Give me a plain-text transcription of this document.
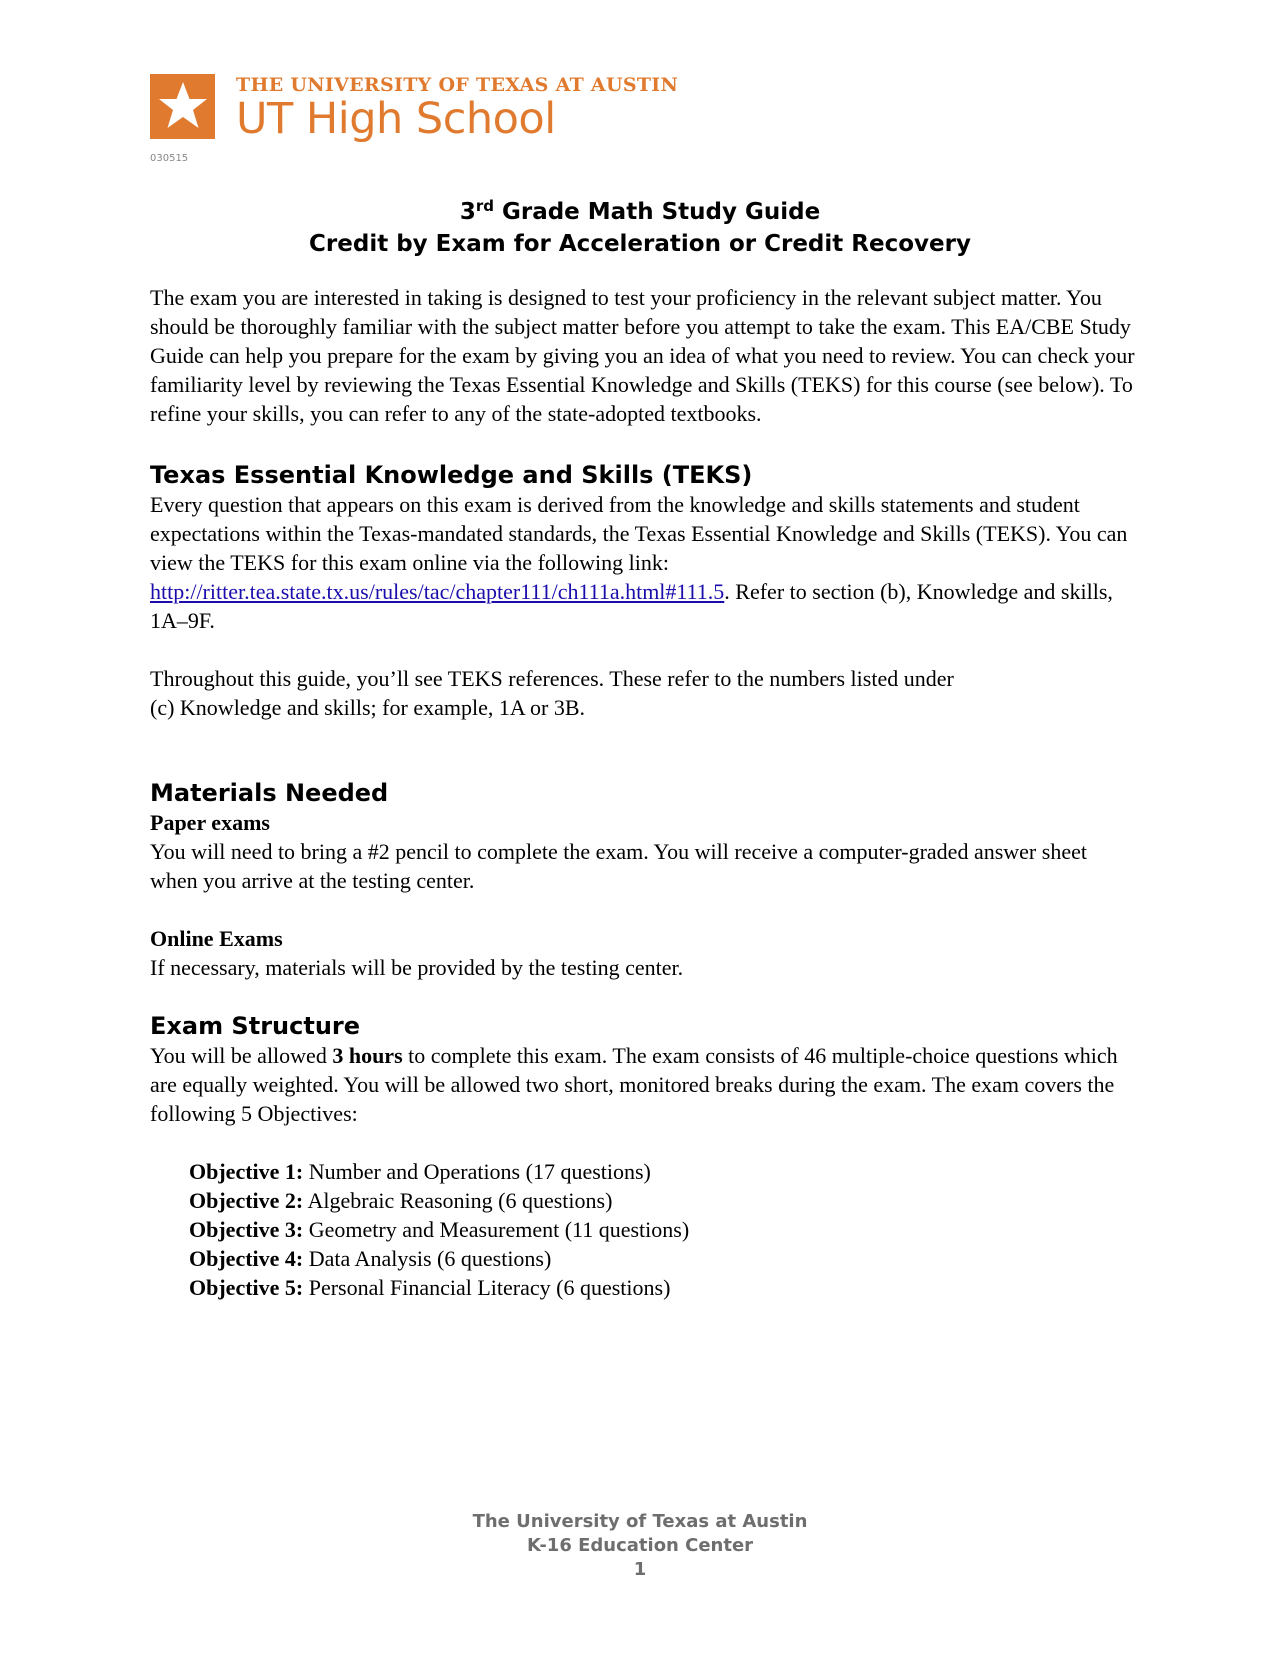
THE UNIVERSITY OF TEXAS AT AUSTIN
UT High School
030515
3rd Grade Math Study Guide
Credit by Exam for Acceleration or Credit Recovery

The exam you are interested in taking is designed to test your proficiency in the relevant subject matter. You should be thoroughly familiar with the subject matter before you attempt to take the exam. This EA/CBE Study Guide can help you prepare for the exam by giving you an idea of what you need to review. You can check your familiarity level by reviewing the Texas Essential Knowledge and Skills (TEKS) for this course (see below). To refine your skills, you can refer to any of the state-adopted textbooks.

Texas Essential Knowledge and Skills (TEKS)

Every question that appears on this exam is derived from the knowledge and skills statements and student expectations within the Texas-mandated standards, the Texas Essential Knowledge and Skills (TEKS). You can view the TEKS for this exam online via the following link: http://ritter.tea.state.tx.us/rules/tac/chapter111/ch111a.html#111.5. Refer to section (b), Knowledge and skills, 1A–9F.

Throughout this guide, you’ll see TEKS references. These refer to the numbers listed under
(c) Knowledge and skills; for example, 1A or 3B.

Materials Needed
Paper exams

You will need to bring a #2 pencil to complete the exam. You will receive a computer-graded answer sheet when you arrive at the testing center.

Online Exams

If necessary, materials will be provided by the testing center.

Exam Structure

You will be allowed 3 hours to complete this exam. The exam consists of 46 multiple-choice questions which are equally weighted. You will be allowed two short, monitored breaks during the exam. The exam covers the following 5 Objectives:

Objective 1: Number and Operations (17 questions)
Objective 2: Algebraic Reasoning (6 questions)
Objective 3: Geometry and Measurement (11 questions)
Objective 4: Data Analysis (6 questions)
Objective 5: Personal Financial Literacy (6 questions)
The University of Texas at Austin
K-16 Education Center
1
